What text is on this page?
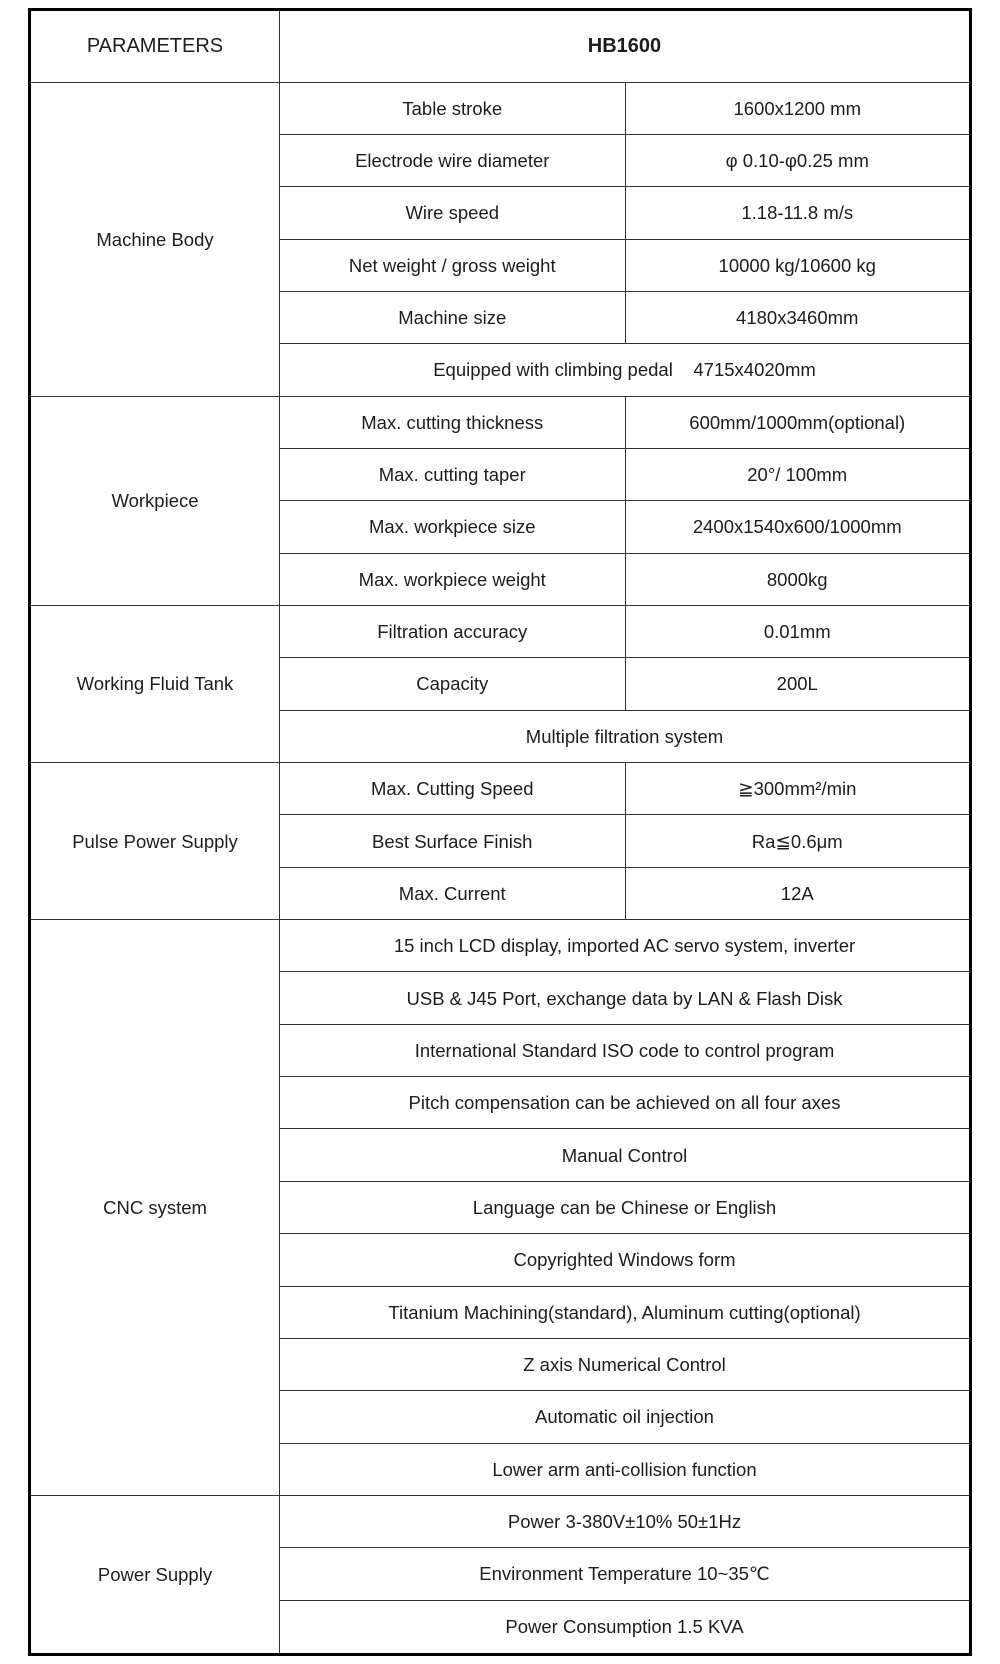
PARAMETERS	HB1600	
Machine Body	Table stroke	1600x1200 mm
	Electrode wire diameter	φ 0.10-φ0.25 mm
	Wire speed	1.18-11.8 m/s
	Net weight / gross weight	10000 kg/10600 kg
	Machine size	4180x3460mm
	Equipped with climbing pedal    4715x4020mm	
Workpiece	Max. cutting thickness	600mm/1000mm(optional)
	Max. cutting taper	20°/ 100mm
	Max. workpiece size	2400x1540x600/1000mm
	Max. workpiece weight	8000kg
Working Fluid Tank	Filtration accuracy	0.01mm
	Capacity	200L
	Multiple filtration system	
Pulse Power Supply	Max. Cutting Speed	≧300mm²/min
	Best Surface Finish	Ra≦0.6μm
	Max. Current	12A
CNC system	15 inch LCD display, imported AC servo system, inverter	
	USB & J45 Port, exchange data by LAN & Flash Disk	
	International Standard ISO code to control program	
	Pitch compensation can be achieved on all four axes	
	Manual Control	
	Language can be Chinese or English	
	Copyrighted Windows form	
	Titanium Machining(standard), Aluminum cutting(optional)	
	Z axis Numerical Control	
	Automatic oil injection	
	Lower arm anti-collision function	
Power Supply	Power 3-380V±10% 50±1Hz	
	Environment Temperature 10~35℃	
	Power Consumption 1.5 KVA	
